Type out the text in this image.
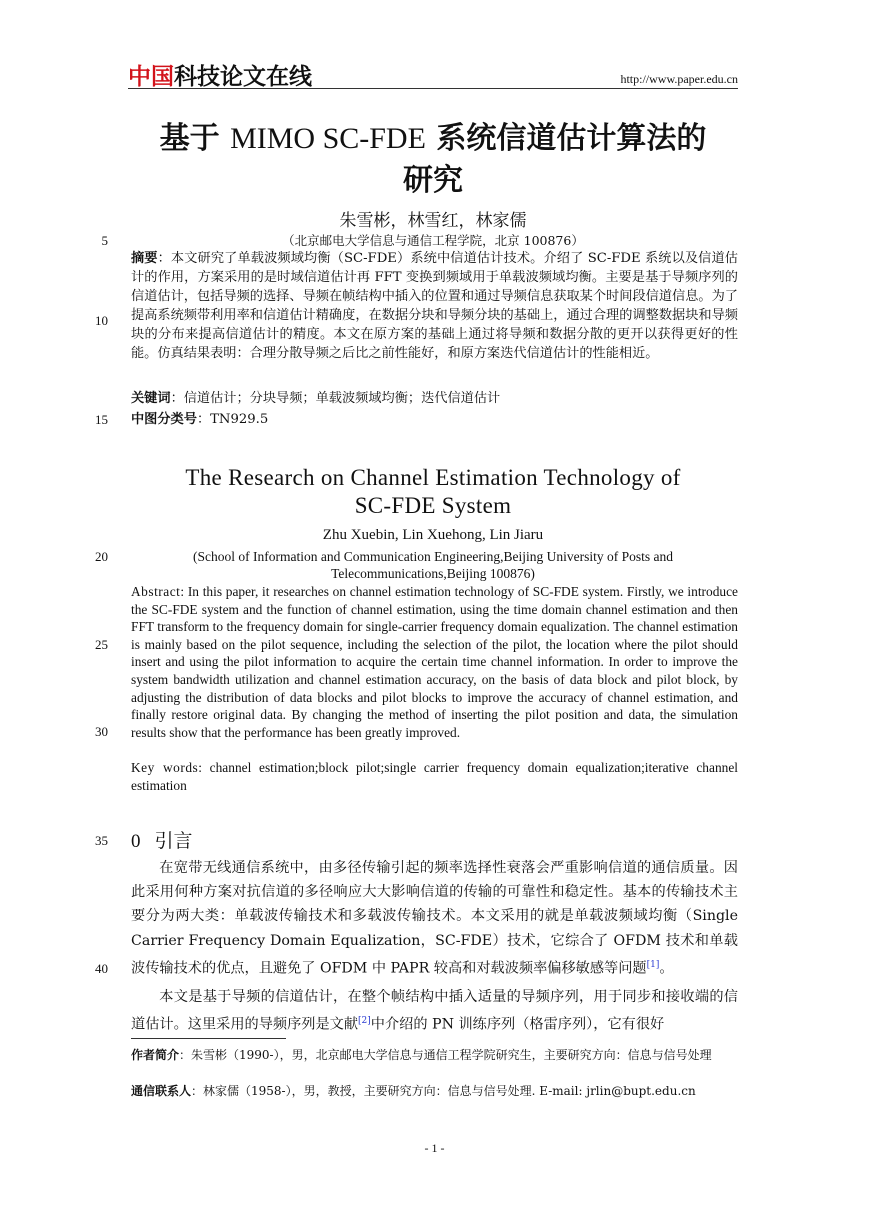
中国科技论文在线	http://www.paper.edu.cn
基于 MIMO SC-FDE 系统信道估计算法的
研究
朱雪彬，林雪红，林家儒
（北京邮电大学信息与通信工程学院，北京 100876）
5
10
15
20
25
30
35
40
摘要：本文研究了单载波频域均衡（SC-FDE）系统中信道估计技术。介绍了 SC-FDE 系统以及信道估计的作用，方案采用的是时域信道估计再 FFT 变换到频域用于单载波频域均衡。主要是基于导频序列的信道估计，包括导频的选择、导频在帧结构中插入的位置和通过导频信息获取某个时间段信道信息。为了提高系统频带利用率和信道估计精确度，在数据分块和导频分块的基础上，通过合理的调整数据块和导频块的分布来提高信道估计的精度。本文在原方案的基础上通过将导频和数据分散的更开以获得更好的性能。仿真结果表明：合理分散导频之后比之前性能好，和原方案迭代信道估计的性能相近。
关键词：信道估计；分块导频；单载波频域均衡；迭代信道估计
中图分类号：TN929.5
The Research on Channel Estimation Technology of
SC-FDE System
Zhu Xuebin, Lin Xuehong, Lin Jiaru
(School of Information and Communication Engineering,Beijing University of Posts and
Telecommunications,Beijing 100876)
Abstract: In this paper, it researches on channel estimation technology of SC-FDE system. Firstly, we introduce the SC-FDE system and the function of channel estimation, using the time domain channel estimation and then FFT transform to the frequency domain for single-carrier frequency domain equalization. The channel estimation is mainly based on the pilot sequence, including the selection of the pilot, the location where the pilot should insert and using the pilot information to acquire the certain time channel information. In order to improve the system bandwidth utilization and channel estimation accuracy, on the basis of data block and pilot block, by adjusting the distribution of data blocks and pilot blocks to improve the accuracy of channel estimation, and finally restore original data. By changing the method of inserting the pilot position and data, the simulation results show that the performance has been greatly improved.
Key words: channel estimation;block pilot;single carrier frequency domain equalization;iterative channel estimation
0 引言
在宽带无线通信系统中，由多径传输引起的频率选择性衰落会严重影响信道的通信质量。因此采用何种方案对抗信道的多径响应大大影响信道的传输的可靠性和稳定性。基本的传输技术主要分为两大类：单载波传输技术和多载波传输技术。本文采用的就是单载波频域均衡（Single Carrier Frequency Domain Equalization，SC-FDE）技术，它综合了 OFDM 技术和单载波传输技术的优点，且避免了 OFDM 中 PAPR 较高和对载波频率偏移敏感等问题[1]。
本文是基于导频的信道估计，在整个帧结构中插入适量的导频序列，用于同步和接收端的信道估计。这里采用的导频序列是文献[2]中介绍的 PN 训练序列（格雷序列），它有很好
作者简介：朱雪彬（1990-），男，北京邮电大学信息与通信工程学院研究生，主要研究方向：信息与信号处理
通信联系人：林家儒（1958-），男，教授，主要研究方向：信息与信号处理. E-mail: jrlin@bupt.edu.cn
- 1 -
